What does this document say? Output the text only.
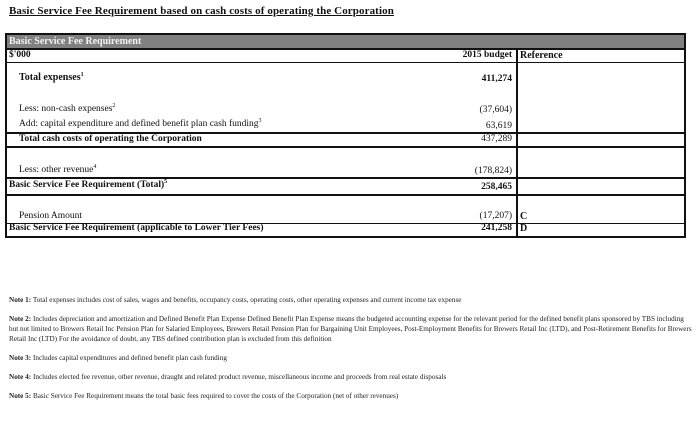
Basic Service Fee Requirement based on cash costs of operating the Corporation
Basic Service Fee Requirement
$'000	2015 budget Reference
Total expenses$^1$	411,274
Less: non-cash expenses$^2$	(37,604)
Add: capital expenditure and defined benefit plan cash funding$^3$	63,619
Total cash costs of operating the Corporation	437,289
Less: other revenue$^4$	(178,824)
Basic Service Fee Requirement (Total)$^5$	258,465
Pension Amount	(17,207) C
Basic Service Fee Requirement (applicable to Lower Tier Fees)	241,258 D

Note 1: Total expenses includes cost of sales, wages and benefits, occupancy costs, operating costs, other operating expenses and current income tax expense

Note 2: Includes depreciation and amortization and Defined Benefit Plan Expense Defined Benefit Plan Expense means the budgeted accounting expense for the relevant period for the defined benefit plans sponsored by TBS including but not limited to Brewers Retail Inc Pension Plan for Salaried Employees, Brewers Retail Pension Plan for Bargaining Unit Employees, Post-Employment Benefits for Brewers Retail Inc (LTD), and Post-Retirement Benefits for Brewers Retail Inc (LTD) For the avoidance of doubt, any TBS defined contribution plan is excluded from this definition

Note 3: Includes capital expenditures and defined benefit plan cash funding

Note 4: Includes elected fee revenue, other revenue, draught and related product revenue, miscellaneous income and proceeds from real estate disposals

Note 5: Basic Service Fee Requirement means the total basic fees required to cover the costs of the Corporation (net of other revenues)
